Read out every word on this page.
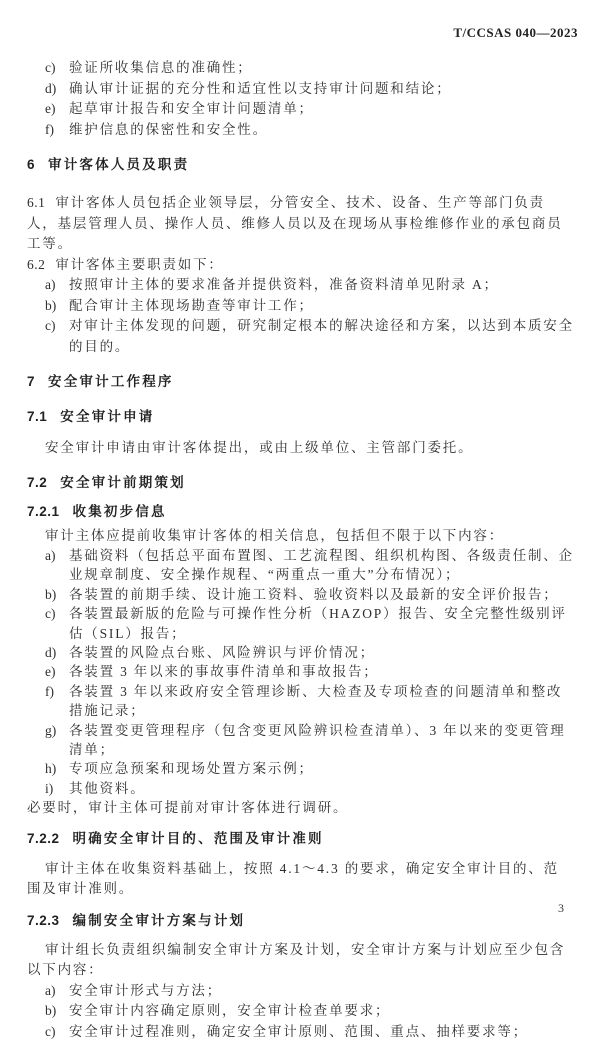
T/CCSAS 040—2023
c)	验证所收集信息的准确性；
d) 确认审计证据的充分性和适宜性以支持审计问题和结论；
e)	起草审计报告和安全审计问题清单；
f)	维护信息的保密性和安全性。
6 审计客体人员及职责

6.1 审计客体人员包括企业领导层，分管安全、技术、设备、生产等部门负责人，基层管理人员、操作人员、维修人员以及在现场从事检维修作业的承包商员工等。

6.2 审计客体主要职责如下：

a)	按照审计主体的要求准备并提供资料，准备资料清单见附录 A；
b) 配合审计主体现场勘查等审计工作；
c)	对审计主体发现的问题，研究制定根本的解决途径和方案，以达到本质安全的目的。
7 安全审计工作程序
7.1 安全审计申请

安全审计申请由审计客体提出，或由上级单位、主管部门委托。

7.2 安全审计前期策划
7.2.1 收集初步信息

审计主体应提前收集审计客体的相关信息，包括但不限于以下内容：

a)	基础资料（包括总平面布置图、工艺流程图、组织机构图、各级责任制、企业规章制度、安全操作规程、“两重点一重大”分布情况）；
b) 各装置的前期手续、设计施工资料、验收资料以及最新的安全评价报告；
c)	各装置最新版的危险与可操作性分析（HAZOP）报告、安全完整性级别评估（SIL）报告；
d) 各装置的风险点台账、风险辨识与评价情况；
e)	各装置 3 年以来的事故事件清单和事故报告；
f)	各装置 3 年以来政府安全管理诊断、大检查及专项检查的问题清单和整改措施记录；
g) 各装置变更管理程序（包含变更风险辨识检查清单）、3 年以来的变更管理清单；
h) 专项应急预案和现场处置方案示例；
i)	其他资料。

必要时，审计主体可提前对审计客体进行调研。

7.2.2 明确安全审计目的、范围及审计准则

审计主体在收集资料基础上，按照 4.1～4.3 的要求，确定安全审计目的、范围及审计准则。

7.2.3 编制安全审计方案与计划

审计组长负责组织编制安全审计方案及计划，安全审计方案与计划应至少包含以下内容：

a)	安全审计形式与方法；
b) 安全审计内容确定原则，安全审计检查单要求；
c)	安全审计过程准则，确定安全审计原则、范围、重点、抽样要求等；
3
